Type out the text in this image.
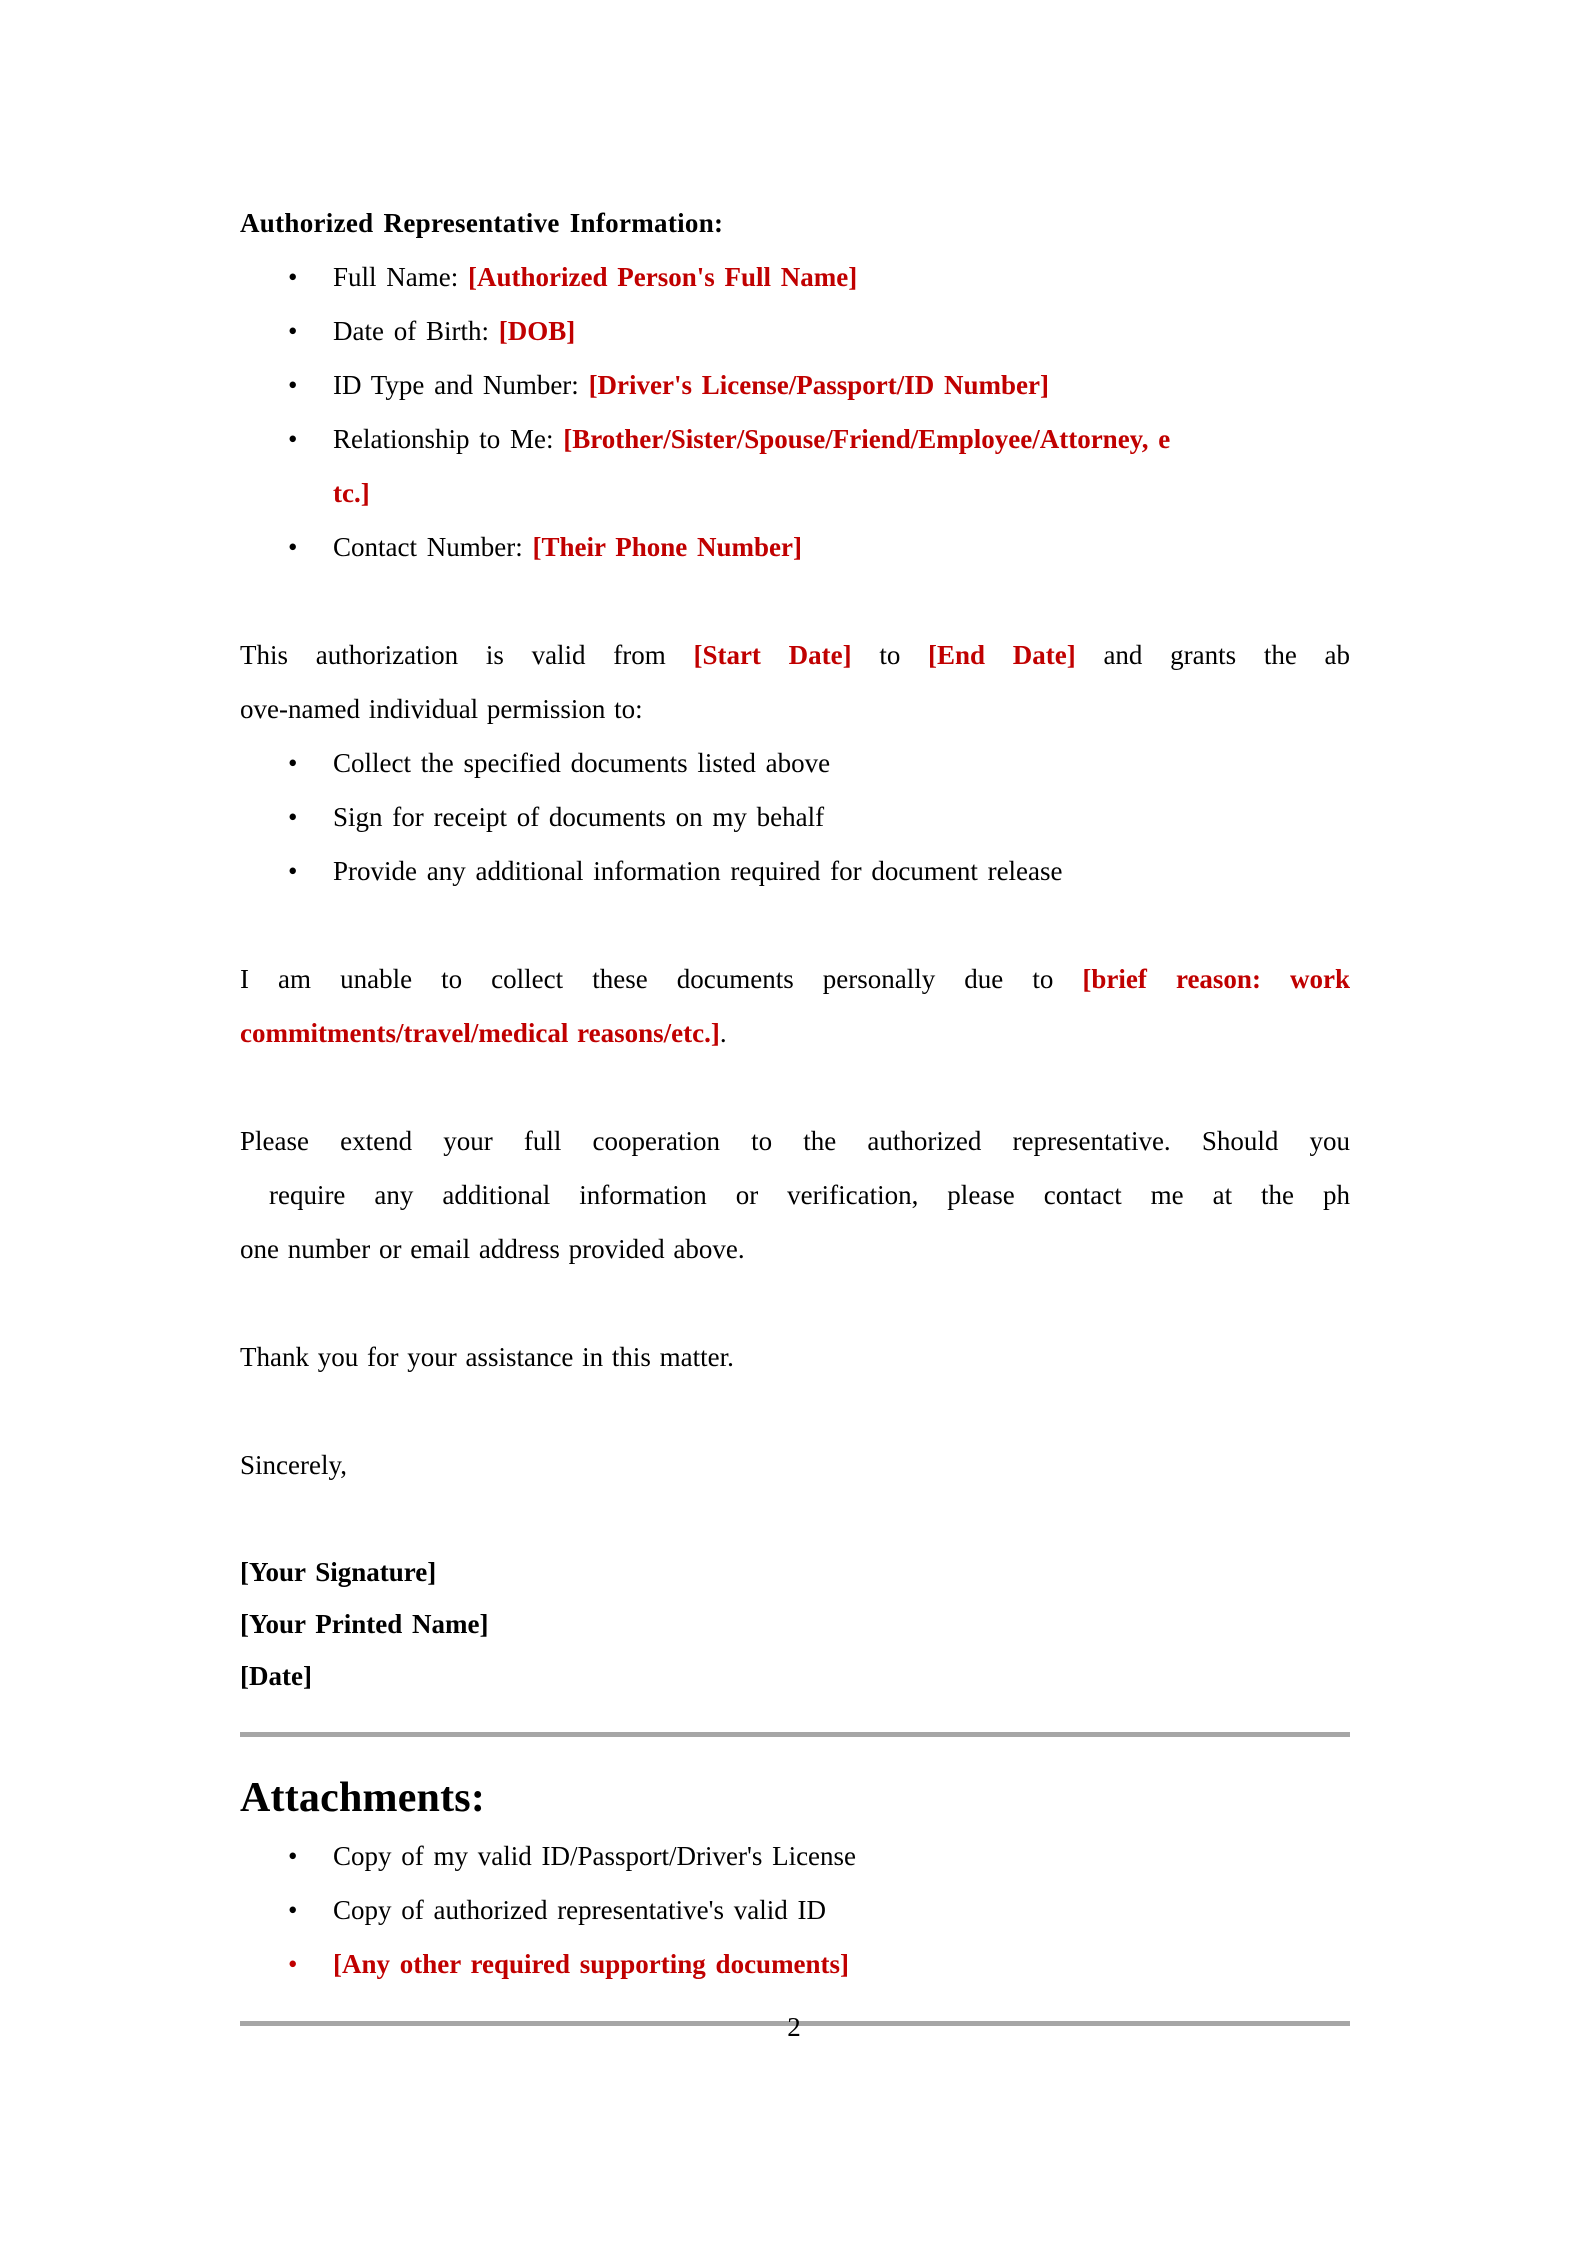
Authorized Representative Information:

• Full Name: [Authorized Person's Full Name]
• Date of Birth: [DOB]
• ID Type and Number: [Driver's License/Passport/ID Number]
• Relationship to Me: [Brother/Sister/Spouse/Friend/Employee/Attorney, e
tc.]
• Contact Number: [Their Phone Number]

This authorization is valid from [Start Date] to [End Date] and grants the ab
ove-named individual permission to:

• Collect the specified documents listed above
• Sign for receipt of documents on my behalf
• Provide any additional information required for document release

I am unable to collect these documents personally due to [brief reason: work
commitments/travel/medical reasons/etc.].

Please extend your full cooperation to the authorized representative. Should you
require any additional information or verification, please contact me at the ph
one number or email address provided above.

Thank you for your assistance in this matter.

Sincerely,

[Your Signature]

[Your Printed Name]

[Date]

Attachments:

• Copy of my valid ID/Passport/Driver's License
• Copy of authorized representative's valid ID
• [Any other required supporting documents]
2
